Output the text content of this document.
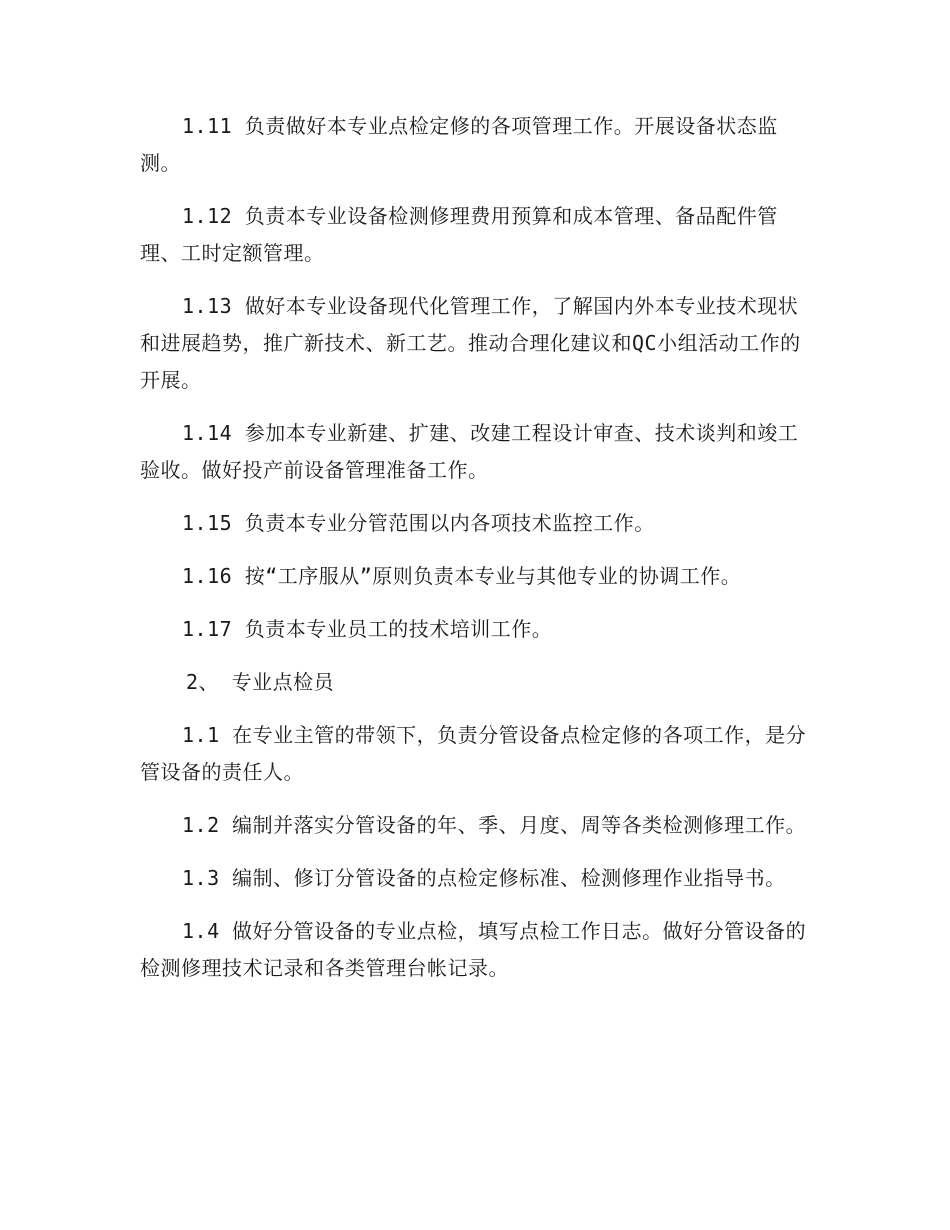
1.11 负责做好本专业点检定修的各项管理工作。开展设备状态监测。

1.12 负责本专业设备检测修理费用预算和成本管理、备品配件管理、工时定额管理。

1.13 做好本专业设备现代化管理工作，了解国内外本专业技术现状和进展趋势，推广新技术、新工艺。推动合理化建议和QC小组活动工作的开展。

1.14 参加本专业新建、扩建、改建工程设计审查、技术谈判和竣工验收。做好投产前设备管理准备工作。

1.15 负责本专业分管范围以内各项技术监控工作。

1.16 按“工序服从”原则负责本专业与其他专业的协调工作。

1.17 负责本专业员工的技术培训工作。

2、 专业点检员

1.1 在专业主管的带领下，负责分管设备点检定修的各项工作，是分管设备的责任人。

1.2 编制并落实分管设备的年、季、月度、周等各类检测修理工作。

1.3 编制、修订分管设备的点检定修标准、检测修理作业指导书。

1.4 做好分管设备的专业点检，填写点检工作日志。做好分管设备的检测修理技术记录和各类管理台帐记录。
